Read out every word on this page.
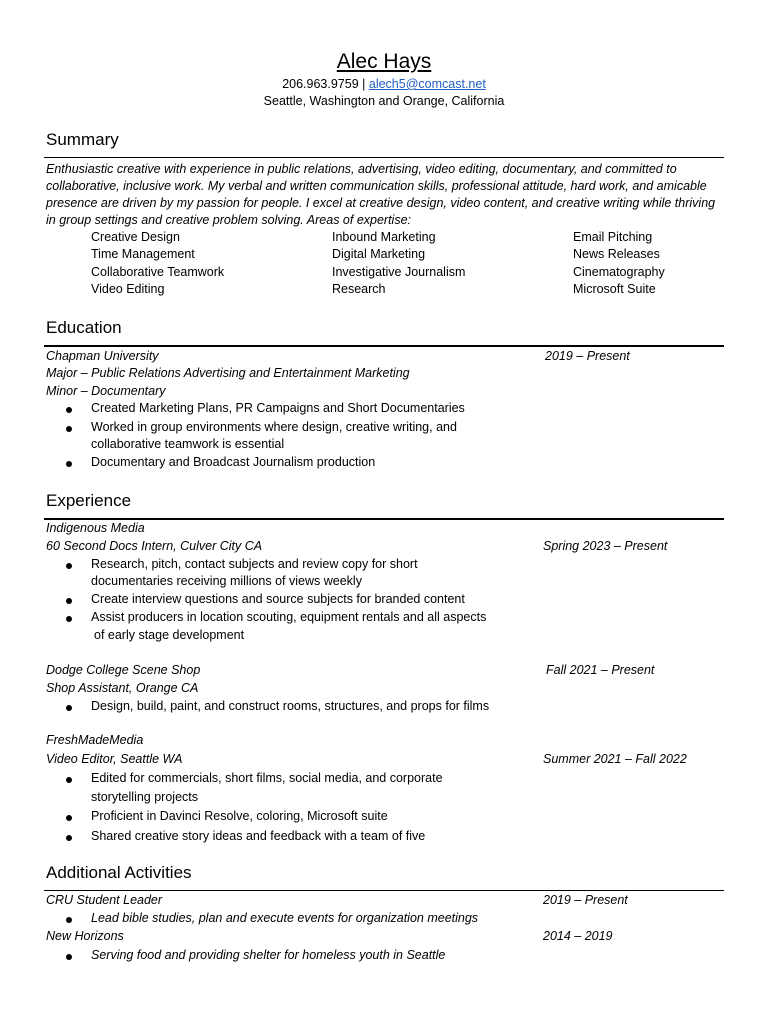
Alec Hays
206.963.9759 | alech5@comcast.net
Seattle, Washington and Orange, California
Summary
Enthusiastic creative with experience in public relations, advertising, video editing, documentary, and committed to collaborative, inclusive work. My verbal and written communication skills, professional attitude, hard work, and amicable presence are driven by my passion for people. I excel at creative design, video content, and creative writing while thriving in group settings and creative problem solving. Areas of expertise:
Creative Design	Inbound Marketing	Email Pitching
Time Management	Digital Marketing	News Releases
Collaborative Teamwork	Investigative Journalism	Cinematography
Video Editing	Research	Microsoft Suite
Education
Chapman University	2019 – Present
Major – Public Relations Advertising and Entertainment Marketing
Minor – Documentary
Created Marketing Plans, PR Campaigns and Short Documentaries
Worked in group environments where design, creative writing, and
collaborative teamwork is essential
Documentary and Broadcast Journalism production
Experience
Indigenous Media
60 Second Docs Intern, Culver City CA	Spring 2023 – Present
Research, pitch, contact subjects and review copy for short
documentaries receiving millions of views weekly
Create interview questions and source subjects for branded content
Assist producers in location scouting, equipment rentals and all aspects
of early stage development
Dodge College Scene Shop	Fall 2021 – Present
Shop Assistant, Orange CA
Design, build, paint, and construct rooms, structures, and props for films
FreshMadeMedia
Video Editor, Seattle WA	Summer 2021 – Fall 2022
Edited for commercials, short films, social media, and corporate
storytelling projects
Proficient in Davinci Resolve, coloring, Microsoft suite
Shared creative story ideas and feedback with a team of five
Additional Activities
CRU Student Leader	2019 – Present
Lead bible studies, plan and execute events for organization meetings
New Horizons	2014 – 2019
Serving food and providing shelter for homeless youth in Seattle
